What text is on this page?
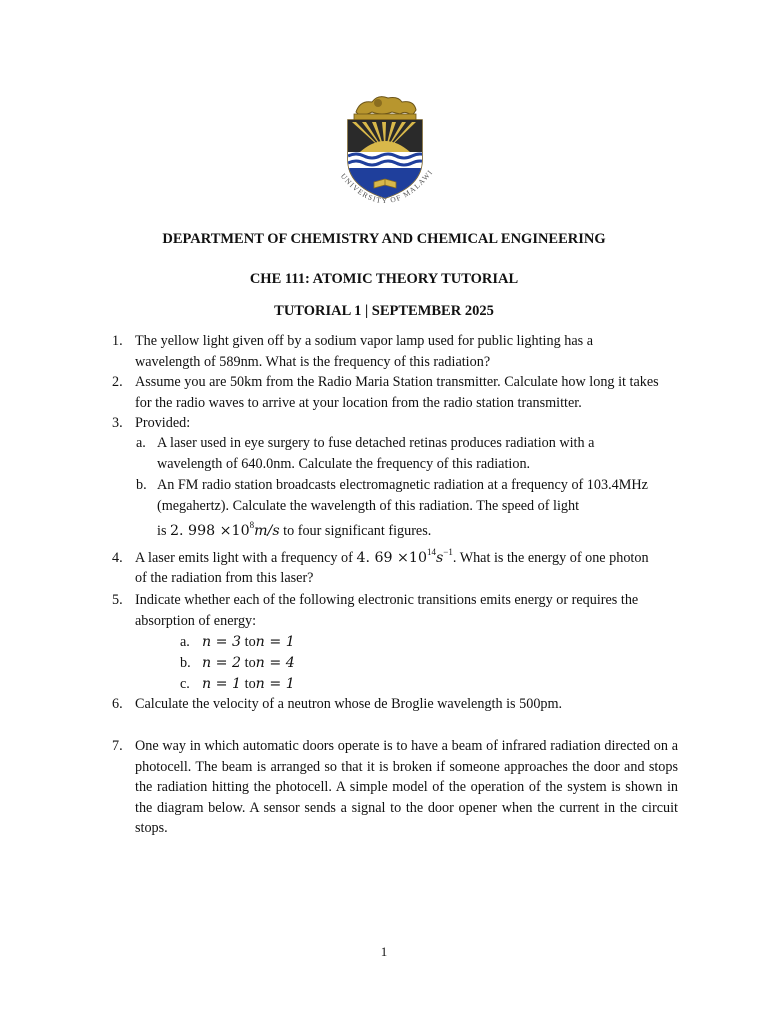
UNIVERSITY OF MALAWI
DEPARTMENT OF CHEMISTRY AND CHEMICAL ENGINEERING
CHE 111: ATOMIC THEORY TUTORIAL
TUTORIAL 1 | SEPTEMBER 2025
1. The yellow light given off by a sodium vapor lamp used for public lighting has a wavelength of 589nm. What is the frequency of this radiation?
2. Assume you are 50km from the Radio Maria Station transmitter. Calculate how long it takes for the radio waves to arrive at your location from the radio station transmitter.
3. Provided:
a. A laser used in eye surgery to fuse detached retinas produces radiation with a wavelength of 640.0nm. Calculate the frequency of this radiation.
b. An FM radio station broadcasts electromagnetic radiation at a frequency of 103.4MHz (megahertz). Calculate the wavelength of this radiation. The speed of light
is 2. $998 \times 10^8m/s$ to four significant figures.
4. A laser emits light with a frequency of 4. $69 \times 10^{14}s^{-1}$. What is the energy of one photon
of the radiation from this laser?
5. Indicate whether each of the following electronic transitions emits energy or requires the absorption of energy:
a. n = 3 ton = 1
b. n = 2 ton = 4
c. n = 1 ton = 1
6. Calculate the velocity of a neutron whose de Broglie wavelength is 500pm.
7. One way in which automatic doors operate is to have a beam of infrared radiation directed on a photocell. The beam is arranged so that it is broken if someone approaches the door and stops the radiation hitting the photocell. A simple model of the operation of the system is shown in the diagram below. A sensor sends a signal to the door opener when the current in the circuit stops.
1
